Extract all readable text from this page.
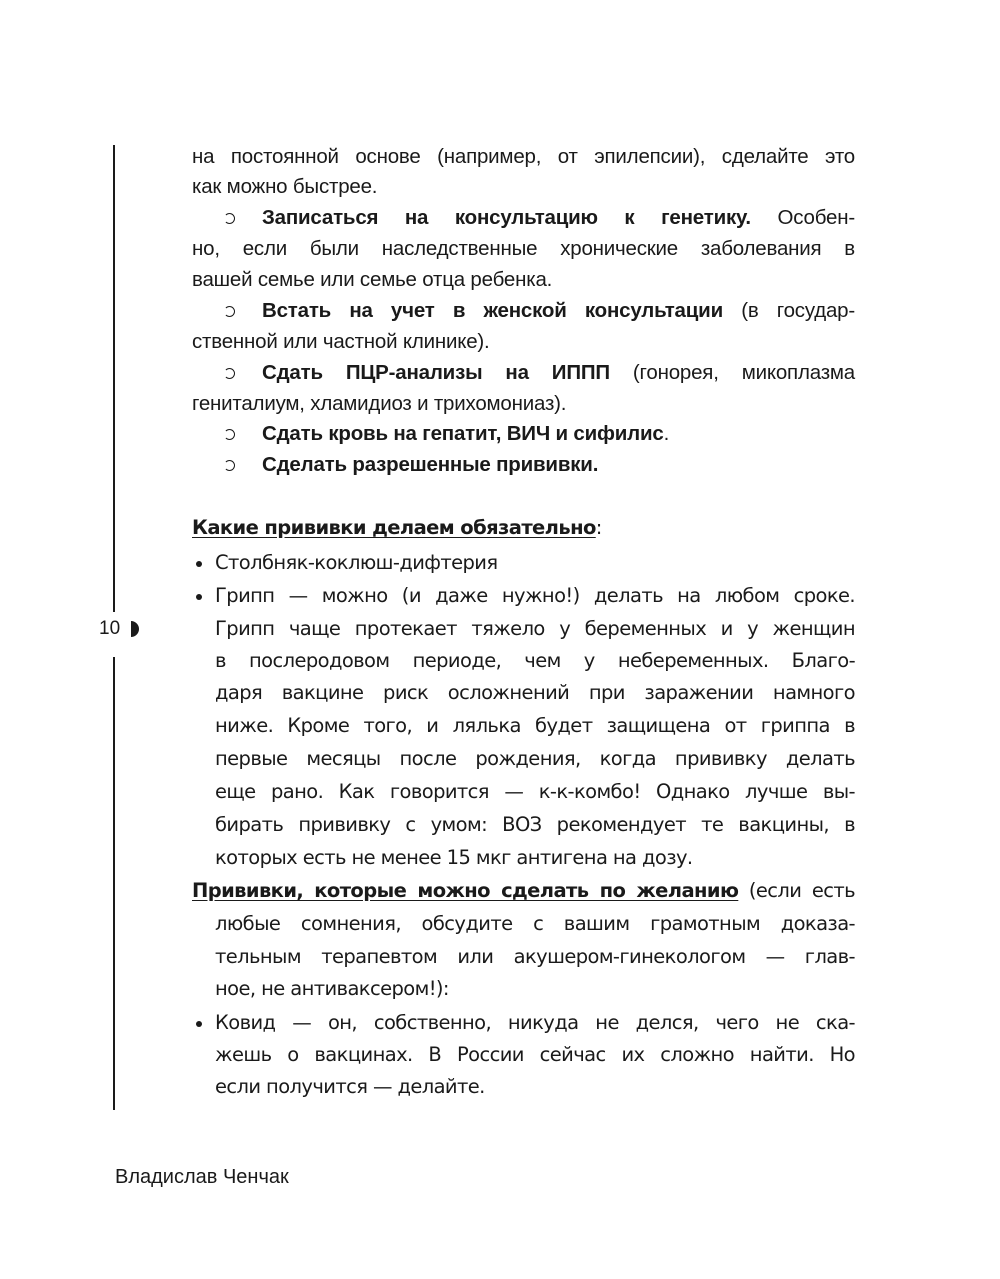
10
на постоянной основе (например, от эпилепсии), сделайте это
как можно быстрее.
Записаться на консультацию к генетику. Особен-
но, если были наследственные хронические заболевания в
вашей семье или семье отца ребенка.
Встать на учет в женской консультации (в государ-
ственной или частной клинике).
Сдать ПЦР-анализы на ИППП (гонорея, микоплазма
гениталиум, хламидиоз и трихомониаз).
Сдать кровь на гепатит, ВИЧ и сифилис.
Сделать разрешенные прививки.
Какие прививки делаем обязательно:
Столбняк-коклюш-дифтерия
Грипп — можно (и даже нужно!) делать на любом сроке.
Грипп чаще протекает тяжело у беременных и у женщин
в послеродовом периоде, чем у небеременных. Благо-
даря вакцине риск осложнений при заражении намного
ниже. Кроме того, и лялька будет защищена от гриппа в
первые месяцы после рождения, когда прививку делать
еще рано. Как говорится — к-к-комбо! Однако лучше вы-
бирать прививку с умом: ВОЗ рекомендует те вакцины, в
которых есть не менее 15 мкг антигена на дозу.
Прививки, которые можно сделать по желанию (если есть
любые сомнения, обсудите с вашим грамотным доказа-
тельным терапевтом или акушером-гинекологом — глав-
ное, не антиваксером!):
Ковид — он, собственно, никуда не делся, чего не ска-
жешь о вакцинах. В России сейчас их сложно найти. Но
если получится — делайте.
Владислав Ченчак
